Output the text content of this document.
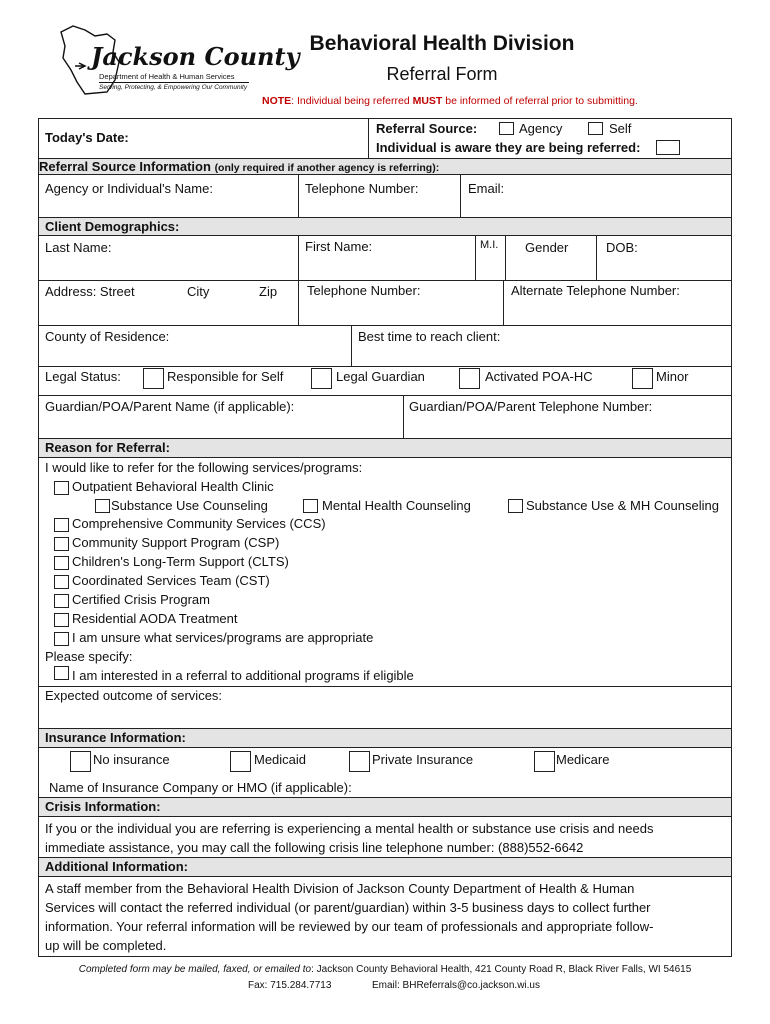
Jackson County
Department of Health & Human Services
Serving, Protecting, & Empowering Our Community
Behavioral Health Division
Referral Form
NOTE: Individual being referred MUST be informed of referral prior to submitting.
Today's Date:
Referral Source:	Agency	Self
Individual is aware they are being referred:
Referral Source Information (only required if another agency is referring):
Agency or Individual's Name:	Telephone Number:	Email:
Client Demographics:
Last Name:	First Name:	M.I. Gender	DOB:
Address: Street	City	Zip Telephone Number:	Alternate Telephone Number:
County of Residence:	Best time to reach client:
Legal Status:	Responsible for Self	Legal Guardian	Activated POA-HC	Minor
Guardian/POA/Parent Name (if applicable):	Guardian/POA/Parent Telephone Number:
Reason for Referral:
I would like to refer for the following services/programs:
Outpatient Behavioral Health Clinic
Substance Use Counseling	Mental Health Counseling	Substance Use & MH Counseling
Comprehensive Community Services (CCS)
Community Support Program (CSP)
Children's Long-Term Support (CLTS)
Coordinated Services Team (CST)
Certified Crisis Program
Residential AODA Treatment
I am unsure what services/programs are appropriate
Please specify:
I am interested in a referral to additional programs if eligible
Expected outcome of services:
Insurance Information:
No insurance	Medicaid	Private Insurance	Medicare
Name of Insurance Company or HMO (if applicable):
Crisis Information:
If you or the individual you are referring is experiencing a mental health or substance use crisis and needs
immediate assistance, you may call the following crisis line telephone number: (888)552-6642
Additional Information:
A staff member from the Behavioral Health Division of Jackson County Department of Health & Human
Services will contact the referred individual (or parent/guardian) within 3-5 business days to collect further
information. Your referral information will be reviewed by our team of professionals and appropriate follow-
up will be completed.
Completed form may be mailed, faxed, or emailed to: Jackson County Behavioral Health, 421 County Road R, Black River Falls, WI 54615
Fax: 715.284.7713	Email: BHReferrals@co.jackson.wi.us
